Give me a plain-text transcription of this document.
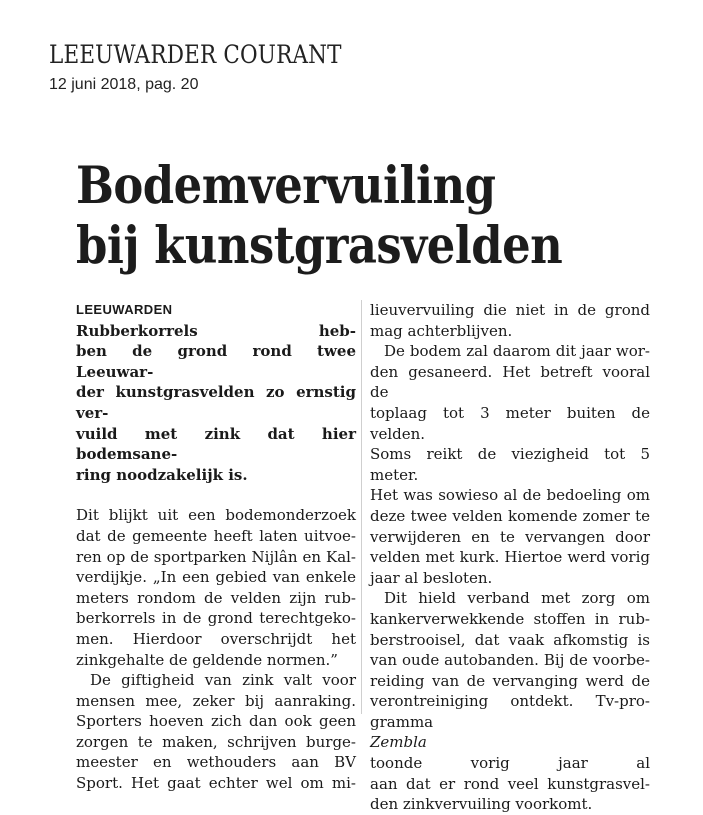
LEEUWARDER COURANT
12 juni 2018, pag. 20
Bodemvervuiling
bij kunstgrasvelden

LEEUWARDEN
Rubberkorrels heb-
ben de grond rond twee Leeuwar-
der kunstgrasvelden zo ernstig ver-
vuild met zink dat hier bodemsane-
ring noodzakelijk is.

Dit blijkt uit een bodemonderzoek
dat de gemeente heeft laten uitvoe-
ren op de sportparken Nijlân en Kal-
verdijkje. „In een gebied van enkele
meters rondom de velden zijn rub-
berkorrels in de grond terechtgeko-
men. Hierdoor overschrijdt het
zinkgehalte de geldende normen.”

De giftigheid van zink valt voor
mensen mee, zeker bij aanraking.
Sporters hoeven zich dan ook geen
zorgen te maken, schrijven burge-
meester en wethouders aan BV
Sport. Het gaat echter wel om mi-

lieuvervuiling die niet in de grond
mag achterblijven.

De bodem zal daarom dit jaar wor-
den gesaneerd. Het betreft vooral de
toplaag tot 3 meter buiten de velden.
Soms reikt de viezigheid tot 5 meter.
Het was sowieso al de bedoeling om
deze twee velden komende zomer te
verwijderen en te vervangen door
velden met kurk. Hiertoe werd vorig
jaar al besloten.

Dit hield verband met zorg om
kankerverwekkende stoffen in rub-
berstrooisel, dat vaak afkomstig is
van oude autobanden. Bij de voorbe-
reiding van de vervanging werd de
verontreiniging ontdekt. Tv-pro-
gramma
Zembla
toonde vorig jaar al
aan dat er rond veel kunstgrasvel-
den zinkvervuiling voorkomt.
